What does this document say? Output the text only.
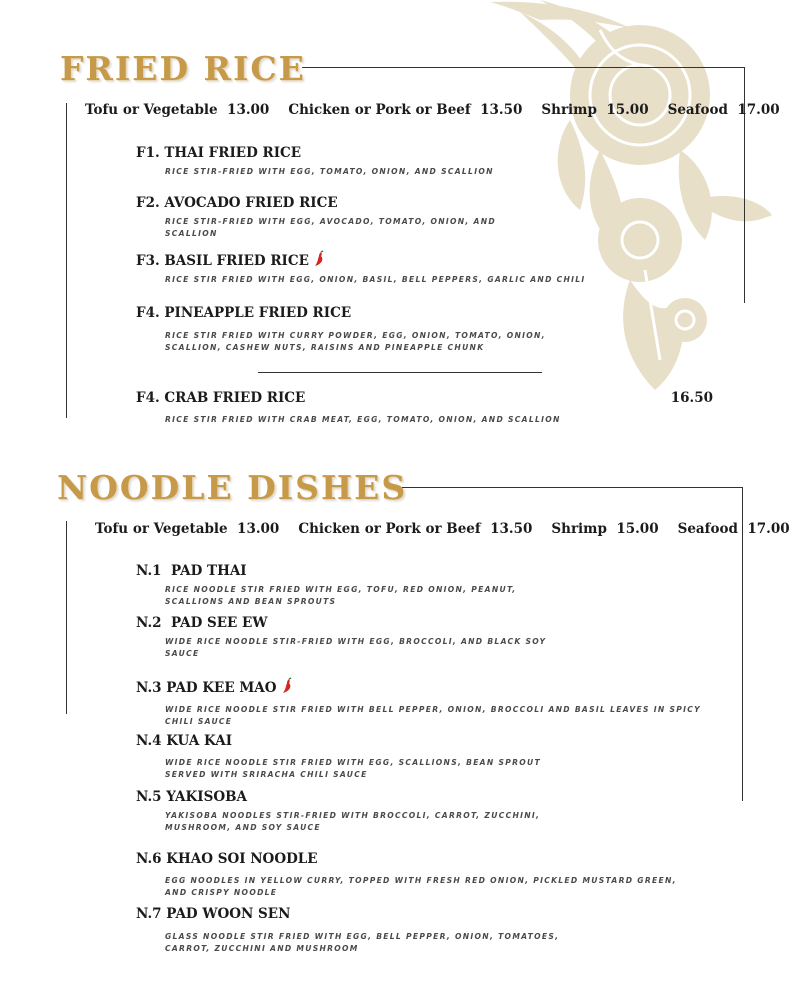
FRIED RICE
Tofu or Vegetable 13.00 Chicken or Pork or Beef 13.50 Shrimp 15.00 Seafood 17.00
F1. THAI FRIED RICE
RICE STIR-FRIED WITH EGG, TOMATO, ONION, AND SCALLION
F2. AVOCADO FRIED RICE
RICE STIR-FRIED WITH EGG, AVOCADO, TOMATO, ONION, AND SCALLION
F3. BASIL FRIED RICE
RICE STIR FRIED WITH EGG, ONION, BASIL, BELL PEPPERS, GARLIC AND CHILI
F4. PINEAPPLE FRIED RICE
RICE STIR FRIED WITH CURRY POWDER, EGG, ONION, TOMATO, ONION, SCALLION, CASHEW NUTS, RAISINS AND PINEAPPLE CHUNK
F4. CRAB FRIED RICE	16.50
RICE STIR FRIED WITH CRAB MEAT, EGG, TOMATO, ONION, AND SCALLION
NOODLE DISHES
Tofu or Vegetable 13.00 Chicken or Pork or Beef 13.50 Shrimp 15.00 Seafood 17.00
N.1  PAD THAI
RICE NOODLE STIR FRIED WITH EGG, TOFU, RED ONION, PEANUT, SCALLIONS AND BEAN SPROUTS
N.2  PAD SEE EW
WIDE RICE NOODLE STIR-FRIED WITH EGG, BROCCOLI, AND BLACK SOY SAUCE
N.3 PAD KEE MAO
WIDE RICE NOODLE STIR FRIED WITH BELL PEPPER, ONION, BROCCOLI AND BASIL LEAVES IN SPICY CHILI SAUCE
N.4 KUA KAI
WIDE RICE NOODLE STIR FRIED WITH EGG, SCALLIONS, BEAN SPROUT SERVED WITH SRIRACHA CHILI SAUCE
N.5 YAKISOBA
YAKISOBA NOODLES STIR-FRIED WITH BROCCOLI, CARROT, ZUCCHINI, MUSHROOM, AND SOY SAUCE
N.6 KHAO SOI NOODLE
EGG NOODLES IN YELLOW CURRY, TOPPED WITH FRESH RED ONION, PICKLED MUSTARD GREEN, AND CRISPY NOODLE
N.7 PAD WOON SEN
GLASS NOODLE STIR FRIED WITH EGG, BELL PEPPER, ONION, TOMATOES, CARROT, ZUCCHINI AND MUSHROOM
